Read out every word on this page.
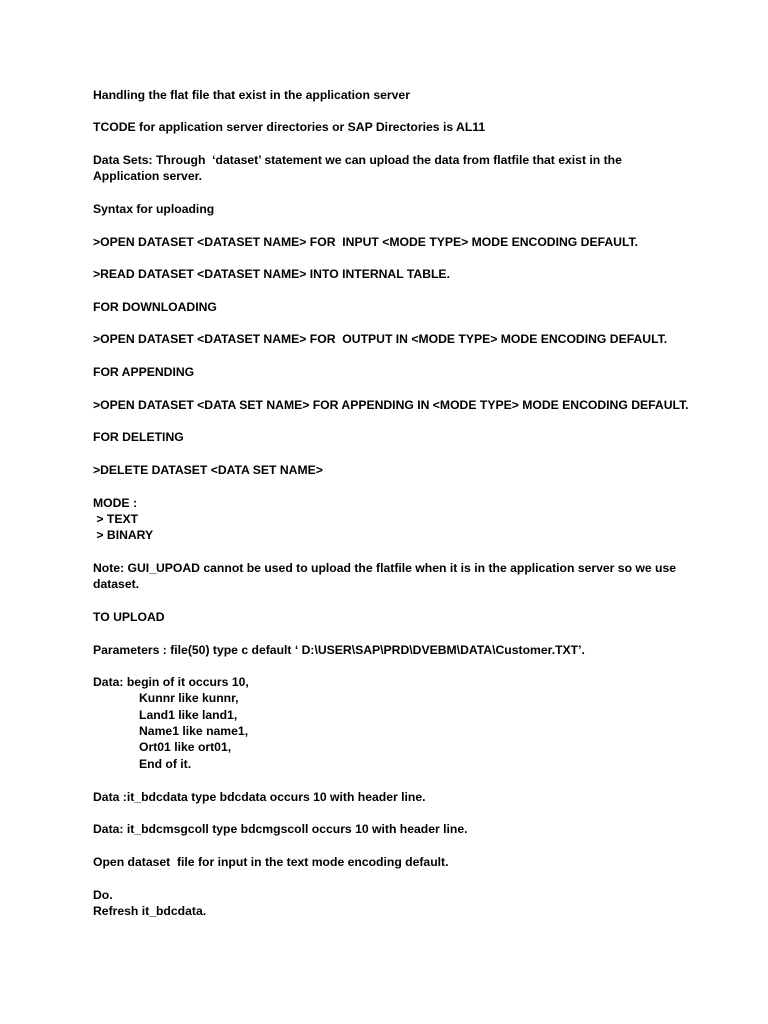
Handling the flat file that exist in the application server
TCODE for application server directories or SAP Directories is AL11
Data Sets: Through  ‘dataset’ statement we can upload the data from flatfile that exist in the
Application server.
Syntax for uploading
>OPEN DATASET <DATASET NAME> FOR  INPUT <MODE TYPE> MODE ENCODING DEFAULT.
>READ DATASET <DATASET NAME> INTO INTERNAL TABLE.
FOR DOWNLOADING
>OPEN DATASET <DATASET NAME> FOR  OUTPUT IN <MODE TYPE> MODE ENCODING DEFAULT.
FOR APPENDING
>OPEN DATASET <DATA SET NAME> FOR APPENDING IN <MODE TYPE> MODE ENCODING DEFAULT.
FOR DELETING
>DELETE DATASET <DATA SET NAME>
MODE :
> TEXT
> BINARY
Note: GUI_UPOAD cannot be used to upload the flatfile when it is in the application server so we use
dataset.
TO UPLOAD
Parameters : file(50) type c default ‘ D:\USER\SAP\PRD\DVEBM\DATA\Customer.TXT’.
Data: begin of it occurs 10,
Kunnr like kunnr,
Land1 like land1,
Name1 like name1,
Ort01 like ort01,
End of it.
Data :it_bdcdata type bdcdata occurs 10 with header line.
Data: it_bdcmsgcoll type bdcmgscoll occurs 10 with header line.
Open dataset  file for input in the text mode encoding default.
Do.
Refresh it_bdcdata.
